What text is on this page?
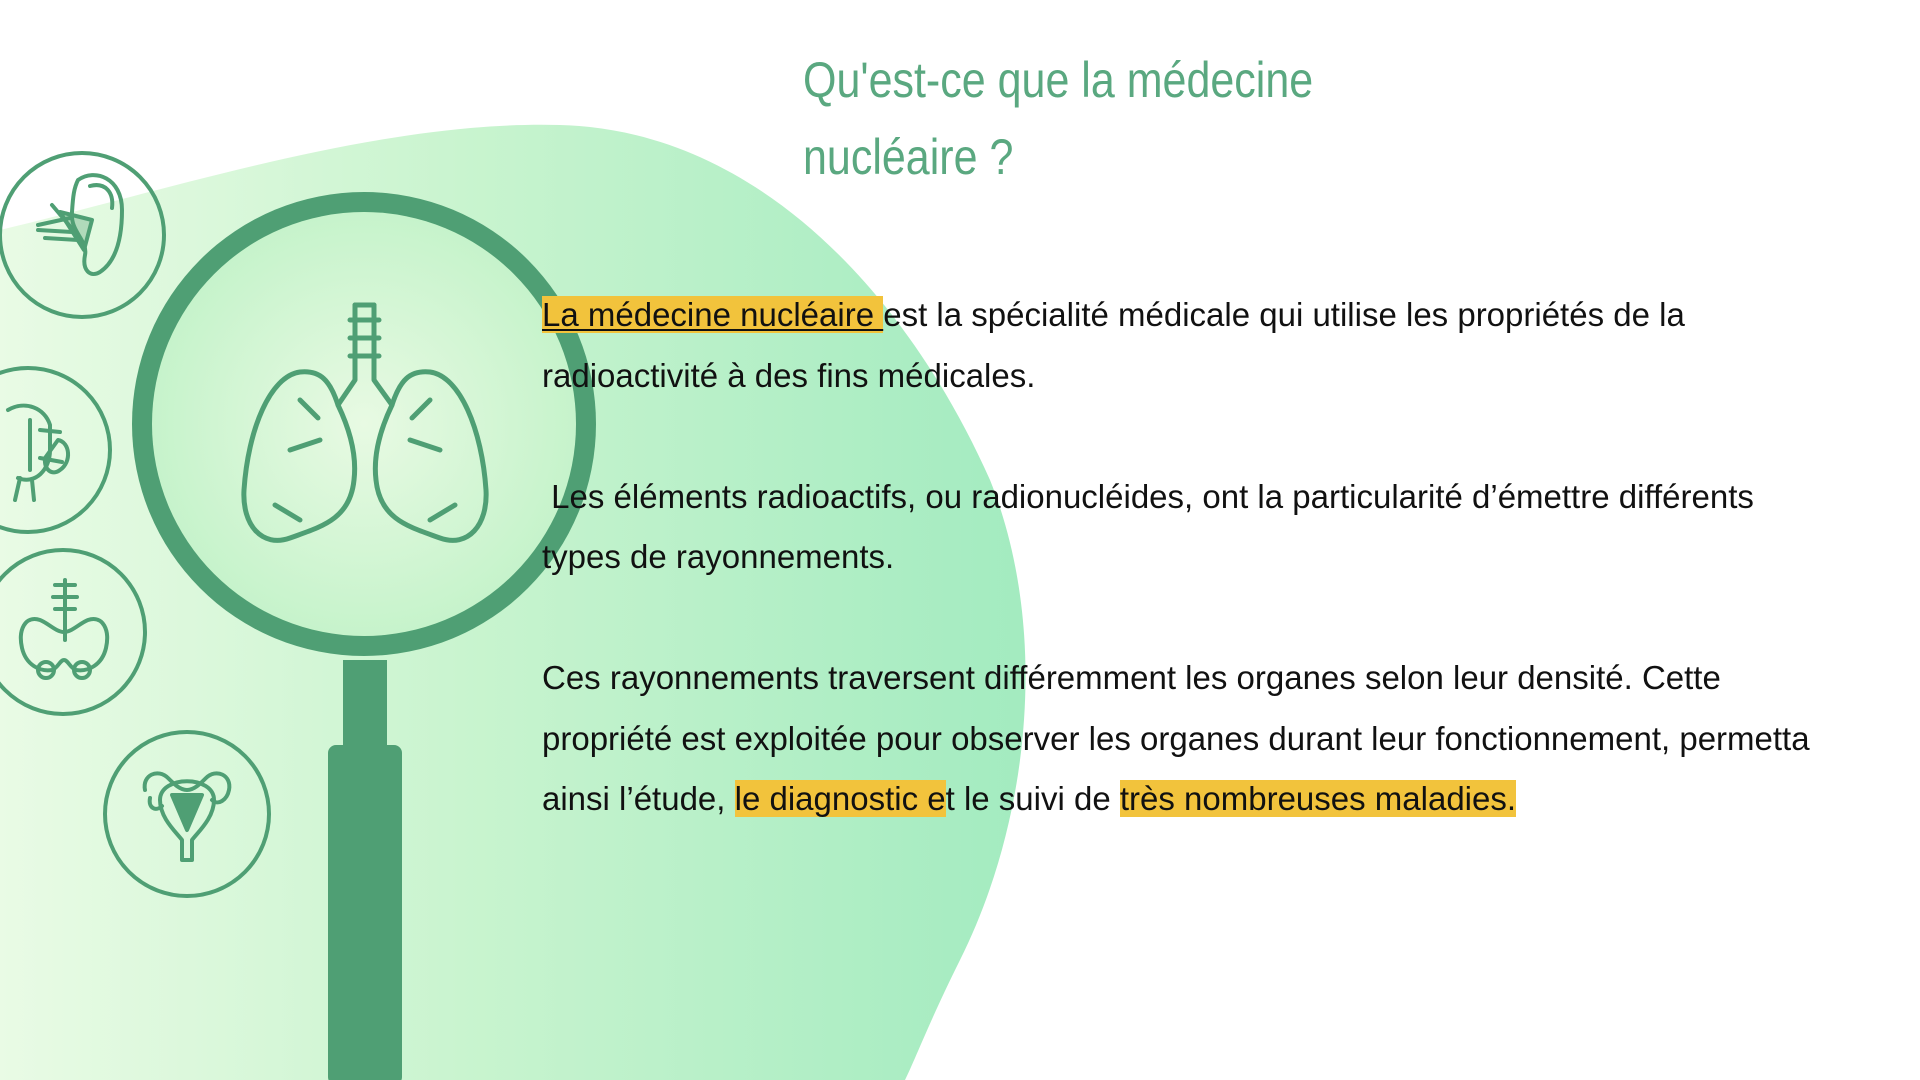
Qu'est-ce que la médecine
nucléaire ?

La médecine nucléaire est la spécialité médicale qui utilise les propriétés de la
radioactivité à des fins médicales.

Les éléments radioactifs, ou radionucléides, ont la particularité d’émettre différents
types de rayonnements.

Ces rayonnements traversent différemment les organes selon leur densité. Cette
propriété est exploitée pour observer les organes durant leur fonctionnement, permetta
ainsi l’étude, le diagnostic et le suivi de très nombreuses maladies.
